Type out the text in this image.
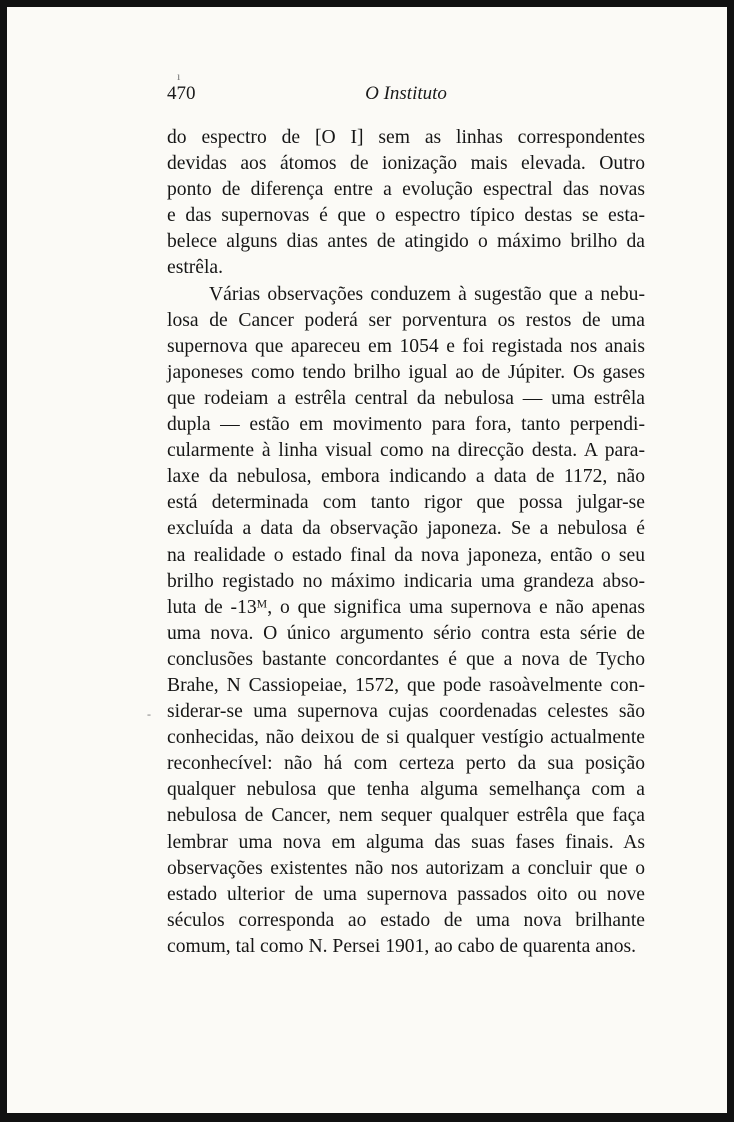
470	O Instituto
do espectro de [O I] sem as linhas correspondentes
devidas aos átomos de ionização mais elevada. Outro
ponto de diferença entre a evolução espectral das novas
e das supernovas é que o espectro típico destas se esta-
belece alguns dias antes de atingido o máximo brilho da
estrêla.
Várias observações conduzem à sugestão que a nebu-
losa de Cancer poderá ser porventura os restos de uma
supernova que apareceu em 1054 e foi registada nos anais
japoneses como tendo brilho igual ao de Júpiter. Os gases
que rodeiam a estrêla central da nebulosa — uma estrêla
dupla — estão em movimento para fora, tanto perpendi-
cularmente à linha visual como na direcção desta. A para-
laxe da nebulosa, embora indicando a data de 1172, não
está determinada com tanto rigor que possa julgar-se
excluída a data da observação japoneza. Se a nebulosa é
na realidade o estado final da nova japoneza, então o seu
brilho registado no máximo indicaria uma grandeza abso-
luta de -13ᴹ, o que significa uma supernova e não apenas
uma nova. O único argumento sério contra esta série de
conclusões bastante concordantes é que a nova de Tycho
Brahe, N Cassiopeiae, 1572, que pode rasoàvelmente con-
siderar-se uma supernova cujas coordenadas celestes são
conhecidas, não deixou de si qualquer vestígio actualmente
reconhecível: não há com certeza perto da sua posição
qualquer nebulosa que tenha alguma semelhança com a
nebulosa de Cancer, nem sequer qualquer estrêla que faça
lembrar uma nova em alguma das suas fases finais. As
observações existentes não nos autorizam a concluir que o
estado ulterior de uma supernova passados oito ou nove
séculos corresponda ao estado de uma nova brilhante
comum, tal como N. Persei 1901, ao cabo de quarenta anos.
ı
-
